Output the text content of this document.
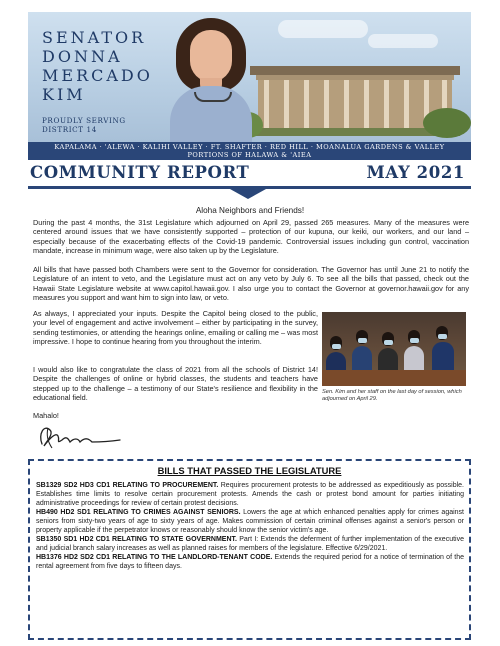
SENATOR
DONNA
MERCADO
KIM
PROUDLY SERVING
DISTRICT 14
KAPALAMA · 'ALEWA · KALIHI VALLEY · FT. SHAFTER · RED HILL · MOANALUA GARDENS & VALLEY
PORTIONS OF HALAWA & 'AIEA
COMMUNITY REPORT	MAY 2021
Aloha Neighbors and Friends!
During the past 4 months, the 31st Legislature which adjourned on April 29, passed 265 measures. Many of the measures were centered around issues that we have consistently supported – protection of our kupuna, our keiki, our workers, and our land – especially because of the exacerbating effects of the Covid-19 pandemic. Controversial issues including gun control, vaccination mandate, increase in minimum wage, were also taken up by the Legislature.
All bills that have passed both Chambers were sent to the Governor for consideration. The Governor has until June 21 to notify the Legislature of an intent to veto, and the Legislature must act on any veto by July 6. To see all the bills that passed, check out the Hawaii State Legislature website at www.capitol.hawaii.gov. I also urge you to contact the Governor at governor.hawaii.gov for any measures you support and want him to sign into law, or veto.
As always, I appreciated your inputs. Despite the Capitol being closed to the public, your level of engagement and active involvement – either by participating in the survey, sending testimonies, or attending the hearings online, emailing or calling me – was most impressive. I hope to continue hearing from you throughout the interim.
I would also like to congratulate the class of 2021 from all the schools of District 14! Despite the challenges of online or hybrid classes, the students and teachers have stepped up to the challenge – a testimony of our State's resilience and flexibility in the educational field.
Mahalo!
Sen. Kim and her staff on the last day of session, which adjourned on April 29.
BILLS THAT PASSED THE LEGISLATURE
SB1329 SD2 HD3 CD1 RELATING TO PROCUREMENT. Requires procurement protests to be addressed as expeditiously as possible. Establishes time limits to resolve certain procurement protests. Amends the cash or protest bond amount for parties initiating administrative proceedings for review of certain protest decisions.
HB490 HD2 SD1 RELATING TO CRIMES AGAINST SENIORS. Lowers the age at which enhanced penalties apply for crimes against seniors from sixty-two years of age to sixty years of age. Makes commission of certain criminal offenses against a senior's person or property applicable if the perpetrator knows or reasonably should know the senior victim's age.
SB1350 SD1 HD2 CD1 RELATING TO STATE GOVERNMENT. Part I: Extends the deferment of further implementation of the executive and judicial branch salary increases as well as planned raises for members of the legislature. Effective 6/29/2021.
HB1376 HD2 SD2 CD1 RELATING TO THE LANDLORD-TENANT CODE. Extends the required period for a notice of termination of the rental agreement from five days to fifteen days.
